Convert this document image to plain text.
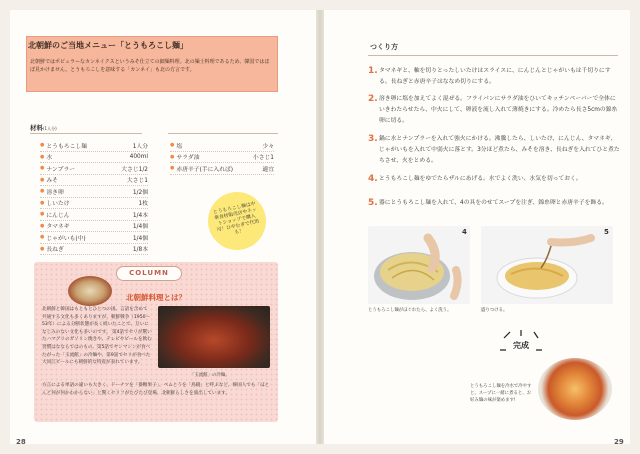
北朝鮮のご当地メニュー「とうもろこし麺」
北朝鮮ではポピュラーなカンネイクスというみそ仕立ての細麺料理。北の麺士料理であるため、韓国ではほぼ見かけません。とうもろこしを意味する「カンネイ」も北の方言です。
材料(1人分)
● とうもろこし麺	1人分
● 水	400ml
● ナンプラー	大さじ1/2
● みそ	大さじ1
● 溶き卵	1/2個
● しいたけ	1枚
● にんじん	1/4本
● タマネギ	1/4個
● じゃがいも(中)	1/4個
● 長ねぎ	1/8本
● 塩	少々
● サラダ油	小さじ1
● 赤唐辛子(手に入れば)	適宜
とうもろこし麺は中華食材販売店やネットショップで購入可！ひやむぎで代用も！
COLUMN
北朝鮮料理とは？
北朝鮮と韓国はもともとひとつの国。言語を含めて共通する文化も多くありますが、朝鮮戦争（1950〜53年）による分断状態が長く続いたことで、互いになじみのない文化も多いのです。 第4話でセリが驚いたハマグリのガソリン焼きや、テレビやビールを飲む習慣はなならではのもの。第5話でヤンマシンが食べたがった「玉流館」の冷麺や、第9話でセリが食べた大同江ビールにも朝鮮的な特産が表れています。
「玉流館」の冷麺。
方言による単語の違いも大きく、ドーナツを「掛糖果子」、ベムとうを「鳥鏡」と呼ぶなど。韓国人でも「ほとんど何が何かわからない」と驚くセリフがたびたび登場、北朝鮮らしさを演出しています。
28
つくり方
1. タマネギと、軸を切りとったしいたけはスライスに、にんじんとじゃがいもは千切りにする。長ねぎと赤唐辛子はななめ切りにする。
2. 溶き卵に塩を加えてよく混ぜる。フライパンにサラダ油をひいてキッチンペーパーで全体にいきわたらせたら、中火にして、卵液を流し入れて薄焼きにする。冷めたら長さ5cmの錦糸卵に切る。
3. 鍋に水とナンプラーを入れて強火にかける。沸騰したら、しいたけ、にんじん、タマネギ、じゃがいもを入れて中弱火に落とす。3分ほど煮たら、みそを溶き、長ねぎを入れてひと煮たちさせ、火をとめる。
4. とうもろこし麺をゆでたらザルにあげる。水でよく洗い、水気を切っておく。
5. 器にとうもろこし麺を入れて、4の具をのせてスープを注ぎ、錦糸卵と赤唐辛子を飾る。
4
とうもろこし麺がほぐれたら、よく洗う。
5
盛りつける。
完成
とうもろこし麺を冷水で冷やすと、スープに一緒に煮ると、お好み麺の味が楽めます!
29
